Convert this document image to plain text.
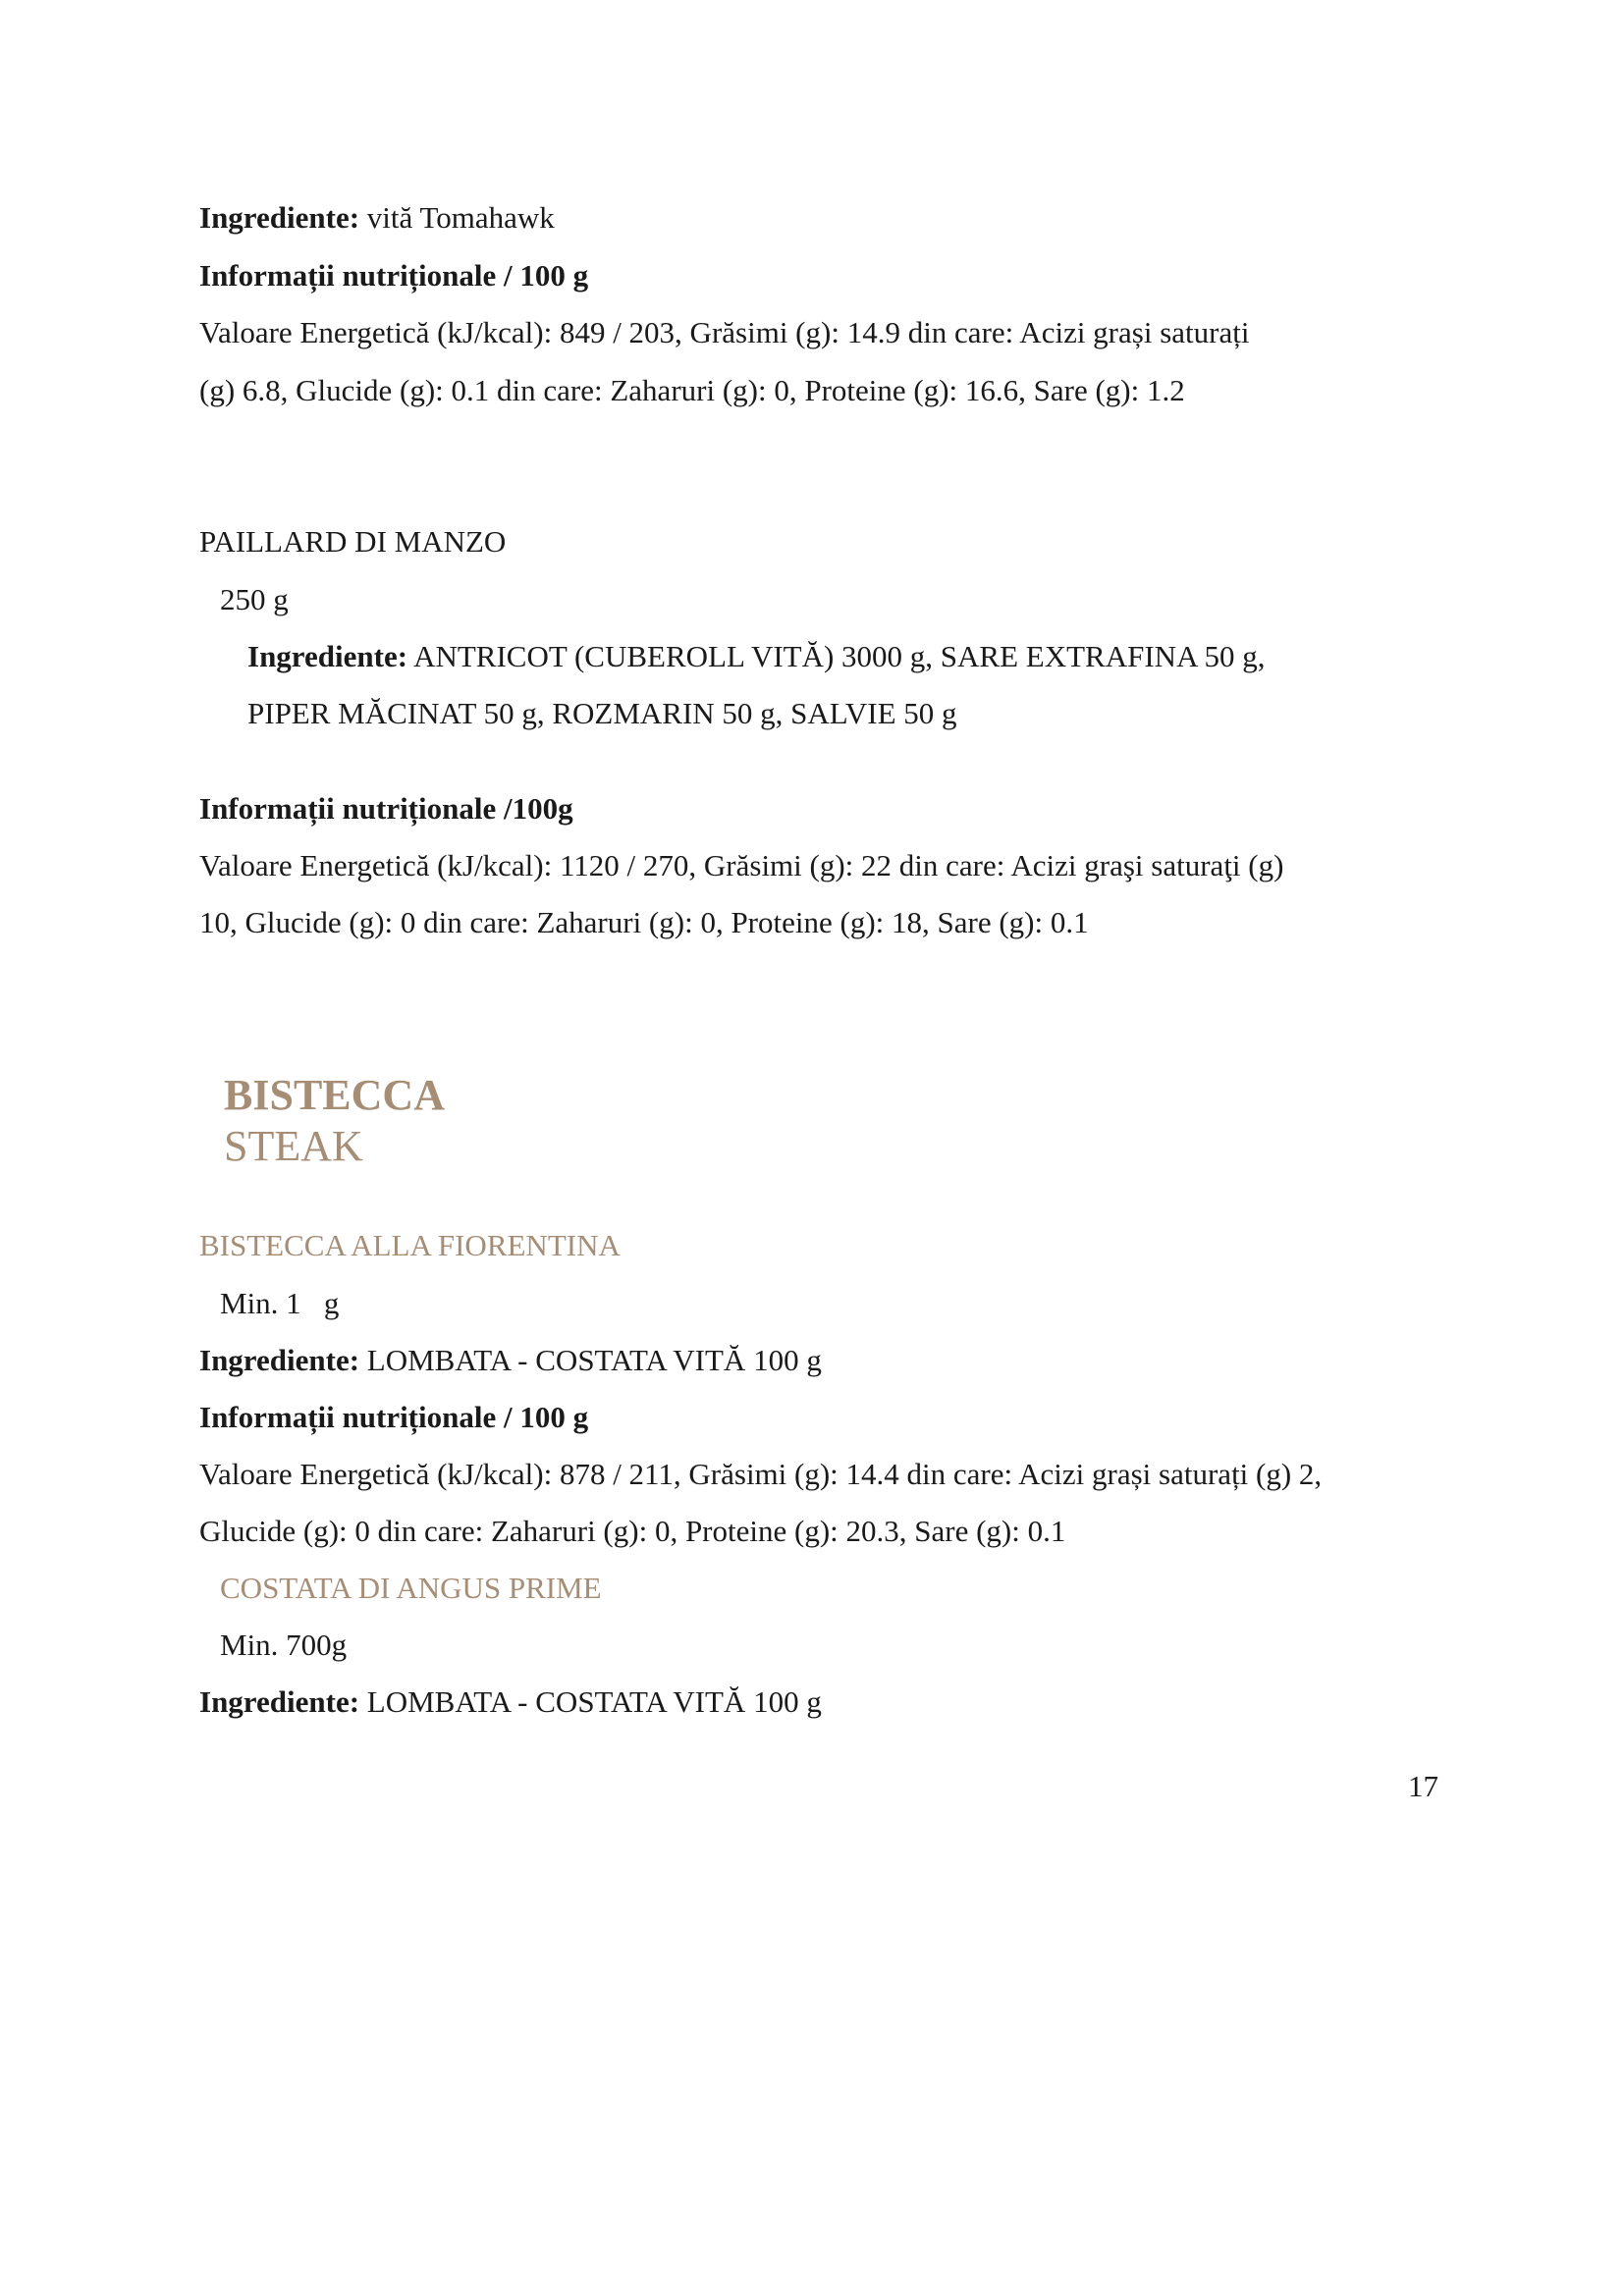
Ingrediente: vită Tomahawk
Informații nutriționale / 100 g
Valoare Energetică (kJ/kcal): 849 / 203, Grăsimi (g): 14.9 din care: Acizi grași saturați
(g) 6.8, Glucide (g): 0.1 din care: Zaharuri (g): 0, Proteine (g): 16.6, Sare (g): 1.2
PAILLARD DI MANZO
250 g
Ingrediente: ANTRICOT (CUBEROLL VITĂ) 3000 g, SARE EXTRAFINA 50 g,
PIPER MĂCINAT 50 g, ROZMARIN 50 g, SALVIE 50 g
Informații nutriționale /100g
Valoare Energetică (kJ/kcal): 1120 / 270, Grăsimi (g): 22 din care: Acizi graşi saturaţi (g)
10, Glucide (g): 0 din care: Zaharuri (g): 0, Proteine (g): 18, Sare (g): 0.1
BISTECCA
STEAK
BISTECCA ALLA FIORENTINA
Min. 1   g
Ingrediente: LOMBATA - COSTATA VITĂ 100 g
Informații nutriționale / 100 g
Valoare Energetică (kJ/kcal): 878 / 211, Grăsimi (g): 14.4 din care: Acizi grași saturați (g) 2,
Glucide (g): 0 din care: Zaharuri (g): 0, Proteine (g): 20.3, Sare (g): 0.1
COSTATA DI ANGUS PRIME
Min. 700g
Ingrediente: LOMBATA - COSTATA VITĂ 100 g
17
